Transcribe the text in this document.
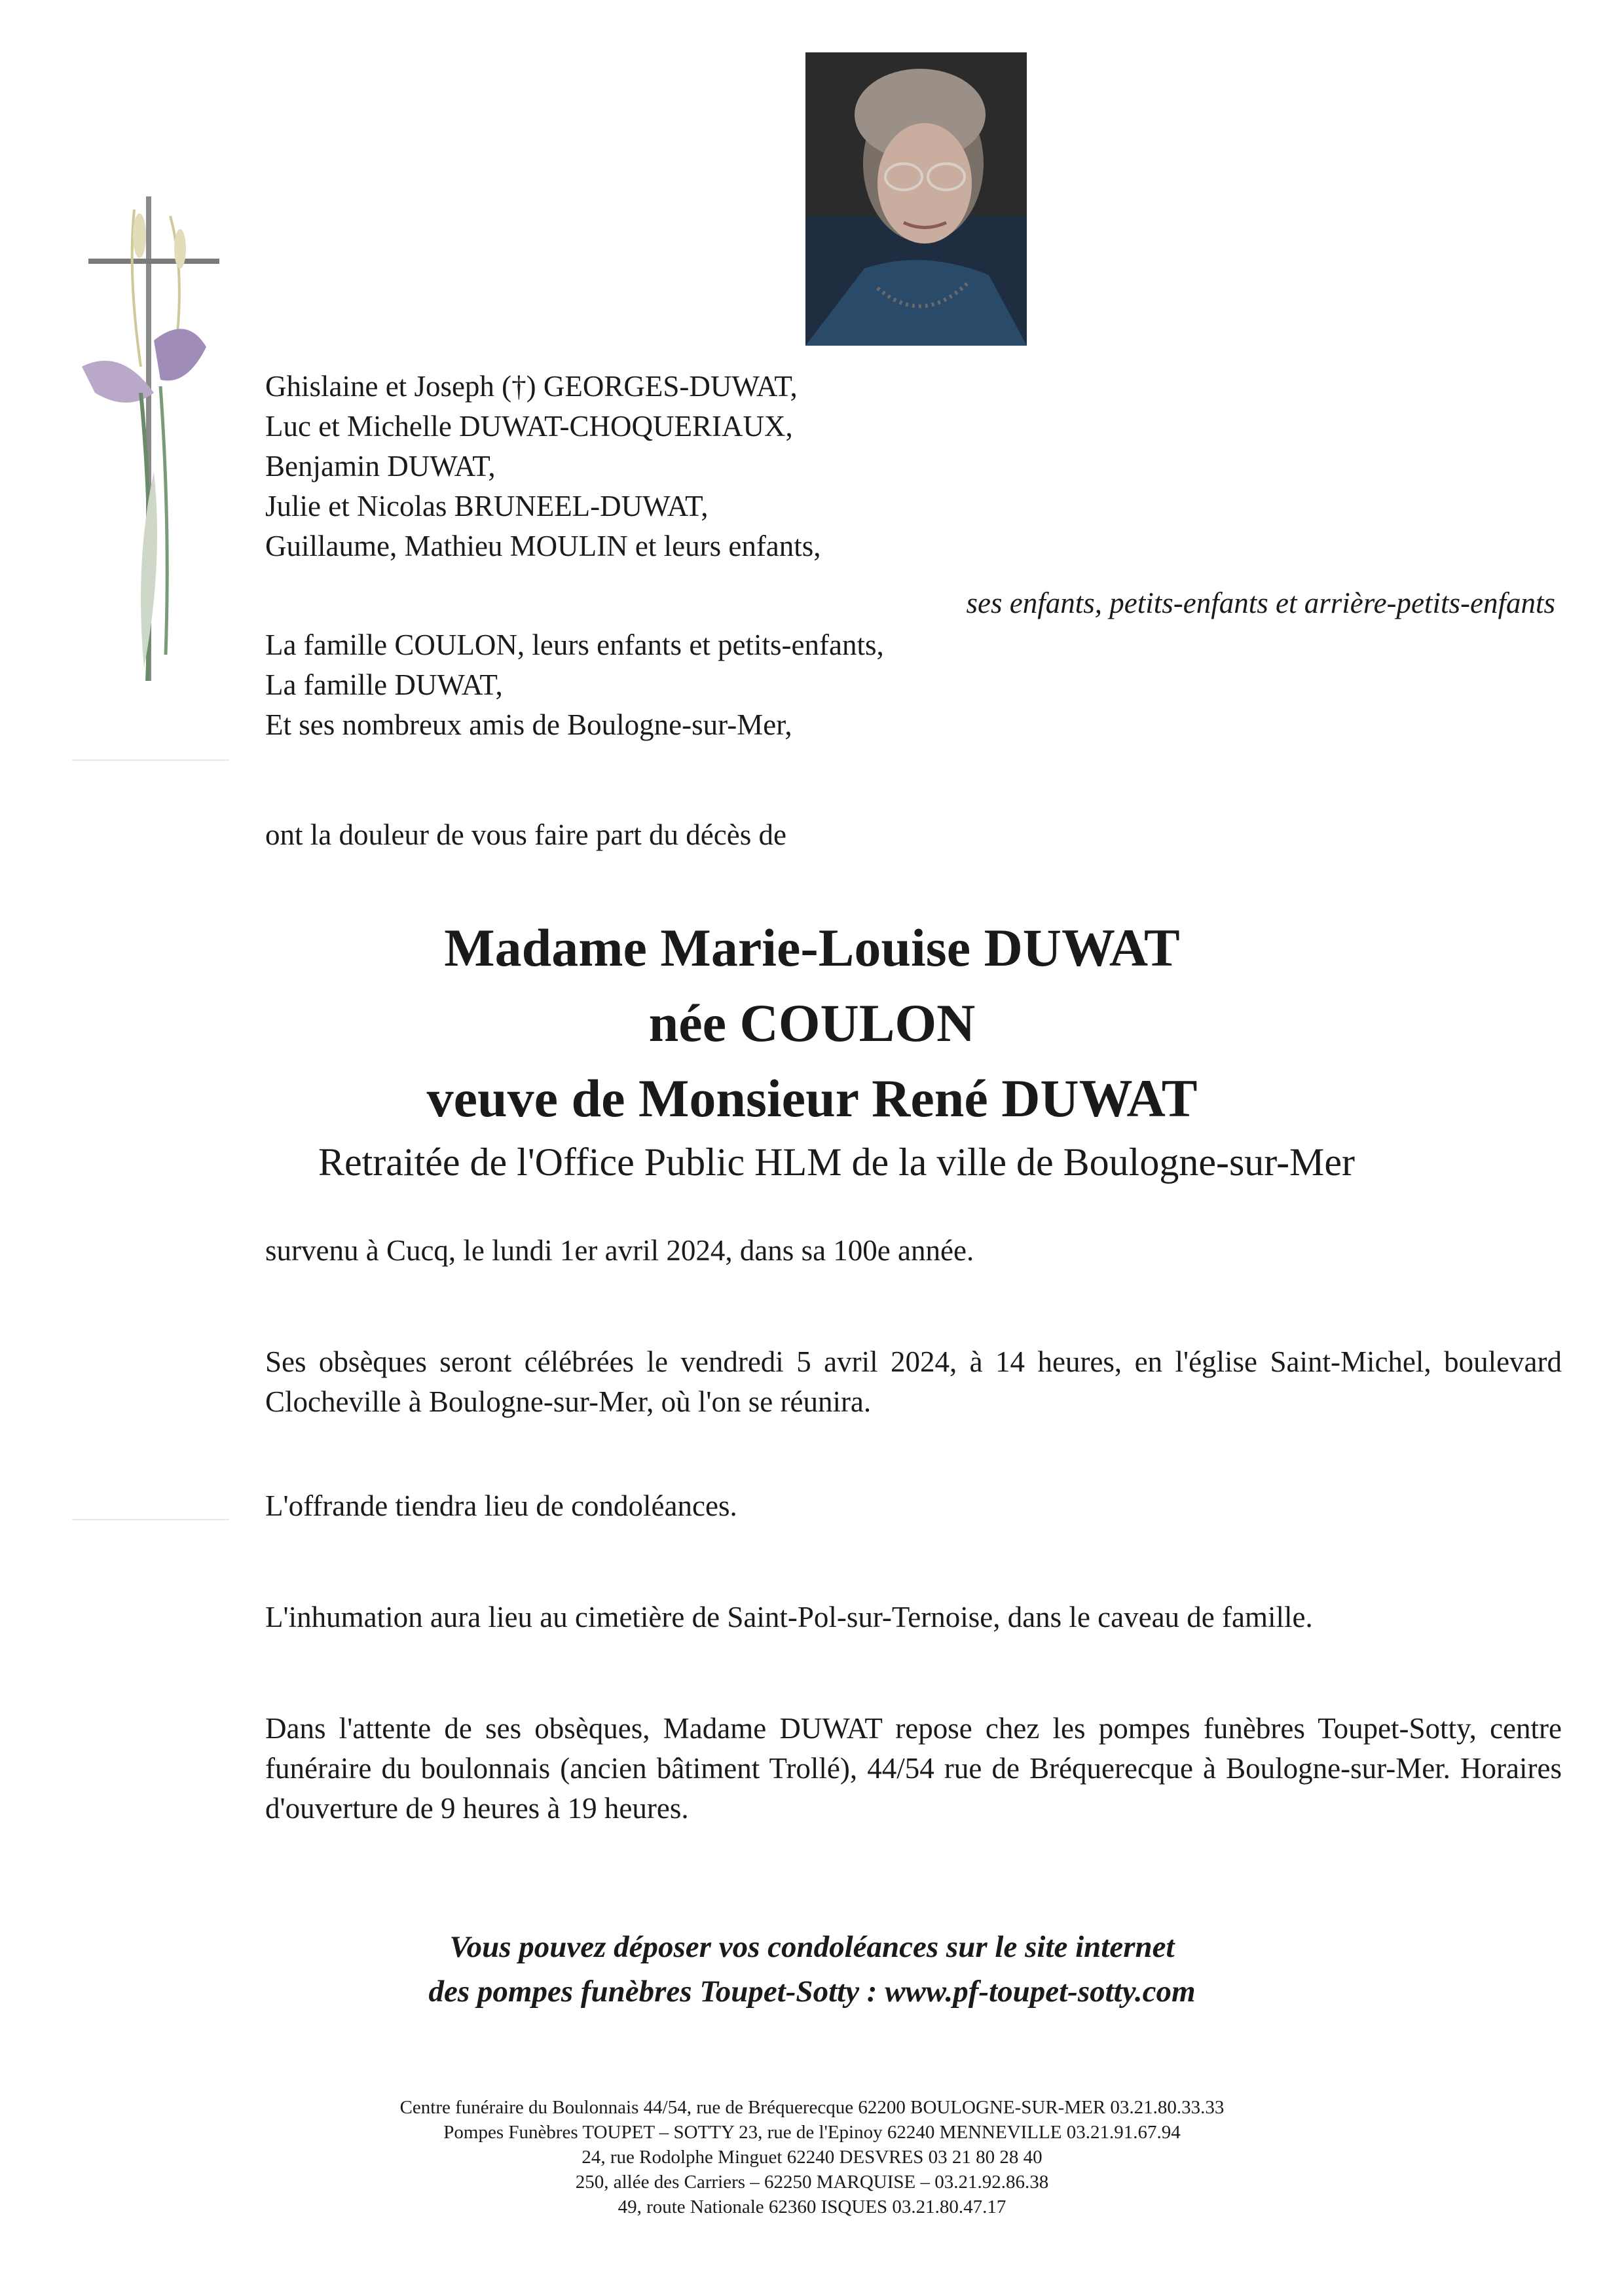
Ghislaine et Joseph (†) GEORGES-DUWAT,
Luc et Michelle DUWAT-CHOQUERIAUX,
Benjamin DUWAT,
Julie et Nicolas BRUNEEL-DUWAT,
Guillaume, Mathieu MOULIN et leurs enfants,
ses enfants, petits-enfants et arrière-petits-enfants
La famille COULON, leurs enfants et petits-enfants,
La famille DUWAT,
Et ses nombreux amis de Boulogne-sur-Mer,
ont la douleur de vous faire part du décès de
Madame Marie-Louise DUWAT
née COULON
veuve de Monsieur René DUWAT
Retraitée de l'Office Public HLM de la ville de Boulogne-sur-Mer
survenu à Cucq, le lundi 1er avril 2024, dans sa 100e année.
Ses obsèques seront célébrées le vendredi 5 avril 2024, à 14 heures, en l'église Saint-Michel, boulevard Clocheville à Boulogne-sur-Mer, où l'on se réunira.
L'offrande tiendra lieu de condoléances.
L'inhumation aura lieu au cimetière de Saint-Pol-sur-Ternoise, dans le caveau de famille.
Dans l'attente de ses obsèques, Madame DUWAT repose chez les pompes funèbres Toupet-Sotty, centre funéraire du boulonnais (ancien bâtiment Trollé), 44/54 rue de Bréquerecque à Boulogne-sur-Mer. Horaires d'ouverture de 9 heures à 19 heures.
Vous pouvez déposer vos condoléances sur le site internet
des pompes funèbres Toupet-Sotty : www.pf-toupet-sotty.com
Centre funéraire du Boulonnais 44/54, rue de Bréquerecque 62200 BOULOGNE-SUR-MER 03.21.80.33.33
Pompes Funèbres TOUPET – SOTTY 23, rue de l'Epinoy 62240 MENNEVILLE 03.21.91.67.94
24, rue Rodolphe Minguet 62240 DESVRES 03 21 80 28 40
250, allée des Carriers – 62250 MARQUISE – 03.21.92.86.38
49, route Nationale 62360 ISQUES 03.21.80.47.17
